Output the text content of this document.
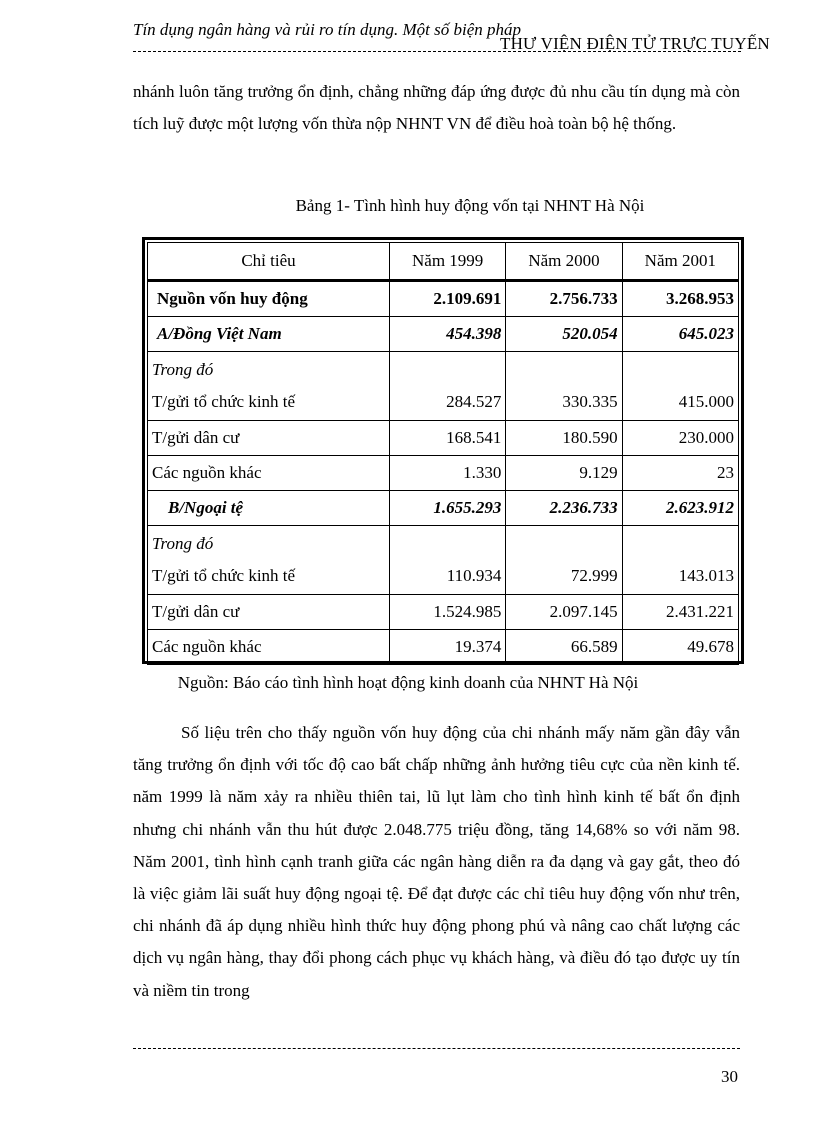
Tín dụng ngân hàng và rủi ro tín dụng. Một số biện pháp
THƯ VIỆN ĐIỆN TỬ TRỰC TUYẾN

nhánh luôn tăng trưởng ổn định, chẳng những đáp ứng được đủ nhu cầu tín dụng mà còn tích luỹ được một lượng vốn thừa nộp NHNT VN để điều hoà toàn bộ hệ thống.

Bảng 1- Tình hình huy động vốn tại NHNT Hà Nội
Chỉ tiêu	Năm 1999	Năm 2000	Năm 2001
Nguồn vốn huy động	2.109.691	2.756.733	3.268.953
A/Đồng Việt Nam	454.398	520.054	645.023

Trong đó
T/gửi tổ chức kinh tế	284.527	330.335	415.000

T/gửi dân cư	168.541	180.590	230.000
Các nguồn khác	1.330	9.129	23
B/Ngoại tệ	1.655.293	2.236.733	2.623.912

Trong đó
T/gửi tổ chức kinh tế	110.934	72.999	143.013

T/gửi dân cư	1.524.985	2.097.145	2.431.221
Các nguồn khác	19.374	66.589	49.678
Nguồn: Báo cáo tình hình hoạt động kinh doanh của NHNT Hà Nội

Số liệu trên cho thấy nguồn vốn huy động của chi nhánh mấy năm gần đây vẫn tăng trưởng ổn định với tốc độ cao bất chấp những ảnh hưởng tiêu cực của nền kinh tế. năm 1999 là năm xảy ra nhiều thiên tai, lũ lụt làm cho tình hình kinh tế bất ổn định nhưng chi nhánh vẫn thu hút được 2.048.775 triệu đồng, tăng 14,68% so với năm 98. Năm 2001, tình hình cạnh tranh giữa các ngân hàng diễn ra đa dạng và gay gắt, theo đó là việc giảm lãi suất huy động ngoại tệ. Để đạt được các chỉ tiêu huy động vốn như trên, chi nhánh đã áp dụng nhiều hình thức huy động phong phú và nâng cao chất lượng các dịch vụ ngân hàng, thay đổi phong cách phục vụ khách hàng, và điều đó tạo được uy tín và niềm tin trong

30
